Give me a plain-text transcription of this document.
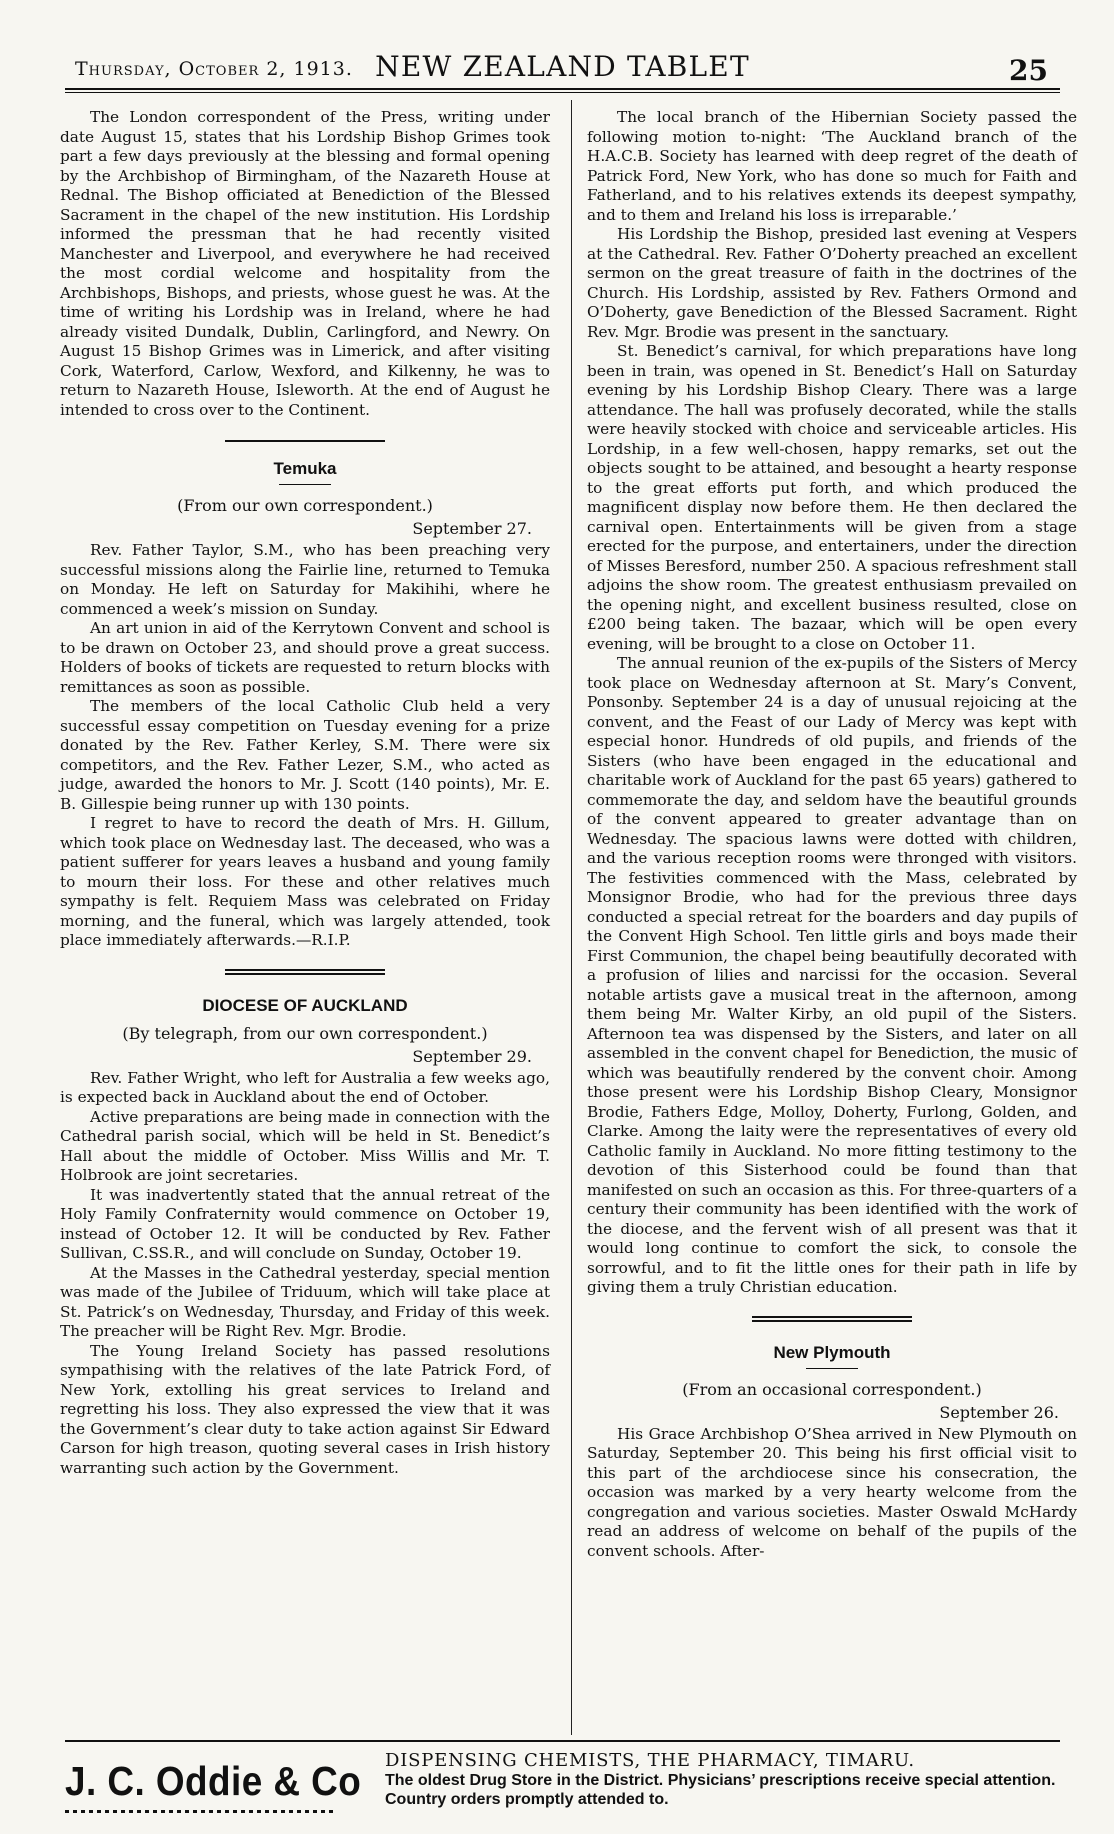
Thursday, October 2, 1913. NEW ZEALAND TABLET	25

The London correspondent of the Press, writing under date August 15, states that his Lordship Bishop Grimes took part a few days previously at the blessing and formal opening by the Archbishop of Birmingham, of the Nazareth House at Rednal. The Bishop officiated at Benediction of the Blessed Sacrament in the chapel of the new institution. His Lordship informed the pressman that he had recently visited Manchester and Liverpool, and everywhere he had received the most cordial welcome and hospitality from the Archbishops, Bishops, and priests, whose guest he was. At the time of writing his Lordship was in Ireland, where he had already visited Dundalk, Dublin, Carlingford, and Newry. On August 15 Bishop Grimes was in Limerick, and after visiting Cork, Waterford, Carlow, Wexford, and Kilkenny, he was to return to Nazareth House, Isleworth. At the end of August he intended to cross over to the Continent.

Temuka
(From our own correspondent.)
September 27.

Rev. Father Taylor, S.M., who has been preaching very successful missions along the Fairlie line, returned to Temuka on Monday. He left on Saturday for Makihihi, where he commenced a week’s mission on Sunday.

An art union in aid of the Kerrytown Convent and school is to be drawn on October 23, and should prove a great success. Holders of books of tickets are requested to return blocks with remittances as soon as possible.

The members of the local Catholic Club held a very successful essay competition on Tuesday evening for a prize donated by the Rev. Father Kerley, S.M. There were six competitors, and the Rev. Father Lezer, S.M., who acted as judge, awarded the honors to Mr. J. Scott (140 points), Mr. E. B. Gillespie being runner up with 130 points.

I regret to have to record the death of Mrs. H. Gillum, which took place on Wednesday last. The deceased, who was a patient sufferer for years leaves a husband and young family to mourn their loss. For these and other relatives much sympathy is felt. Requiem Mass was celebrated on Friday morning, and the funeral, which was largely attended, took place immediately afterwards.—R.I.P.

DIOCESE OF AUCKLAND
(By telegraph, from our own correspondent.)
September 29.

Rev. Father Wright, who left for Australia a few weeks ago, is expected back in Auckland about the end of October.

Active preparations are being made in connection with the Cathedral parish social, which will be held in St. Benedict’s Hall about the middle of October. Miss Willis and Mr. T. Holbrook are joint secretaries.

It was inadvertently stated that the annual retreat of the Holy Family Confraternity would commence on October 19, instead of October 12. It will be conducted by Rev. Father Sullivan, C.SS.R., and will conclude on Sunday, October 19.

At the Masses in the Cathedral yesterday, special mention was made of the Jubilee of Triduum, which will take place at St. Patrick’s on Wednesday, Thursday, and Friday of this week. The preacher will be Right Rev. Mgr. Brodie.

The Young Ireland Society has passed resolutions sympathising with the relatives of the late Patrick Ford, of New York, extolling his great services to Ireland and regretting his loss. They also expressed the view that it was the Government’s clear duty to take action against Sir Edward Carson for high treason, quoting several cases in Irish history warranting such action by the Government.

The local branch of the Hibernian Society passed the following motion to-night: ‘The Auckland branch of the H.A.C.B. Society has learned with deep regret of the death of Patrick Ford, New York, who has done so much for Faith and Fatherland, and to his relatives extends its deepest sympathy, and to them and Ireland his loss is irreparable.’

His Lordship the Bishop, presided last evening at Vespers at the Cathedral. Rev. Father O’Doherty preached an excellent sermon on the great treasure of faith in the doctrines of the Church. His Lordship, assisted by Rev. Fathers Ormond and O’Doherty, gave Benediction of the Blessed Sacrament. Right Rev. Mgr. Brodie was present in the sanctuary.

St. Benedict’s carnival, for which preparations have long been in train, was opened in St. Benedict’s Hall on Saturday evening by his Lordship Bishop Cleary. There was a large attendance. The hall was profusely decorated, while the stalls were heavily stocked with choice and serviceable articles. His Lordship, in a few well-chosen, happy remarks, set out the objects sought to be attained, and besought a hearty response to the great efforts put forth, and which produced the magnificent display now before them. He then declared the carnival open. Entertainments will be given from a stage erected for the purpose, and entertainers, under the direction of Misses Beresford, number 250. A spacious refreshment stall adjoins the show room. The greatest enthusiasm prevailed on the opening night, and excellent business resulted, close on £200 being taken. The bazaar, which will be open every evening, will be brought to a close on October 11.

The annual reunion of the ex-pupils of the Sisters of Mercy took place on Wednesday afternoon at St. Mary’s Convent, Ponsonby. September 24 is a day of unusual rejoicing at the convent, and the Feast of our Lady of Mercy was kept with especial honor. Hundreds of old pupils, and friends of the Sisters (who have been engaged in the educational and charitable work of Auckland for the past 65 years) gathered to commemorate the day, and seldom have the beautiful grounds of the convent appeared to greater advantage than on Wednesday. The spacious lawns were dotted with children, and the various reception rooms were thronged with visitors. The festivities commenced with the Mass, celebrated by Monsignor Brodie, who had for the previous three days conducted a special retreat for the boarders and day pupils of the Convent High School. Ten little girls and boys made their First Communion, the chapel being beautifully decorated with a profusion of lilies and narcissi for the occasion. Several notable artists gave a musical treat in the afternoon, among them being Mr. Walter Kirby, an old pupil of the Sisters. Afternoon tea was dispensed by the Sisters, and later on all assembled in the convent chapel for Benediction, the music of which was beautifully rendered by the convent choir. Among those present were his Lordship Bishop Cleary, Monsignor Brodie, Fathers Edge, Molloy, Doherty, Furlong, Golden, and Clarke. Among the laity were the representatives of every old Catholic family in Auckland. No more fitting testimony to the devotion of this Sisterhood could be found than that manifested on such an occasion as this. For three-quarters of a century their community has been identified with the work of the diocese, and the fervent wish of all present was that it would long continue to comfort the sick, to console the sorrowful, and to fit the little ones for their path in life by giving them a truly Christian education.

New Plymouth
(From an occasional correspondent.)
September 26.

His Grace Archbishop O’Shea arrived in New Plymouth on Saturday, September 20. This being his first official visit to this part of the archdiocese since his consecration, the occasion was marked by a very hearty welcome from the congregation and various societies. Master Oswald McHardy read an address of welcome on behalf of the pupils of the convent schools. After-

J. C. Oddie & Co DISPENSING CHEMISTS, THE PHARMACY, TIMARU.
The oldest Drug Store in the District. Physicians’ prescriptions receive special attention. Country orders promptly attended to.
